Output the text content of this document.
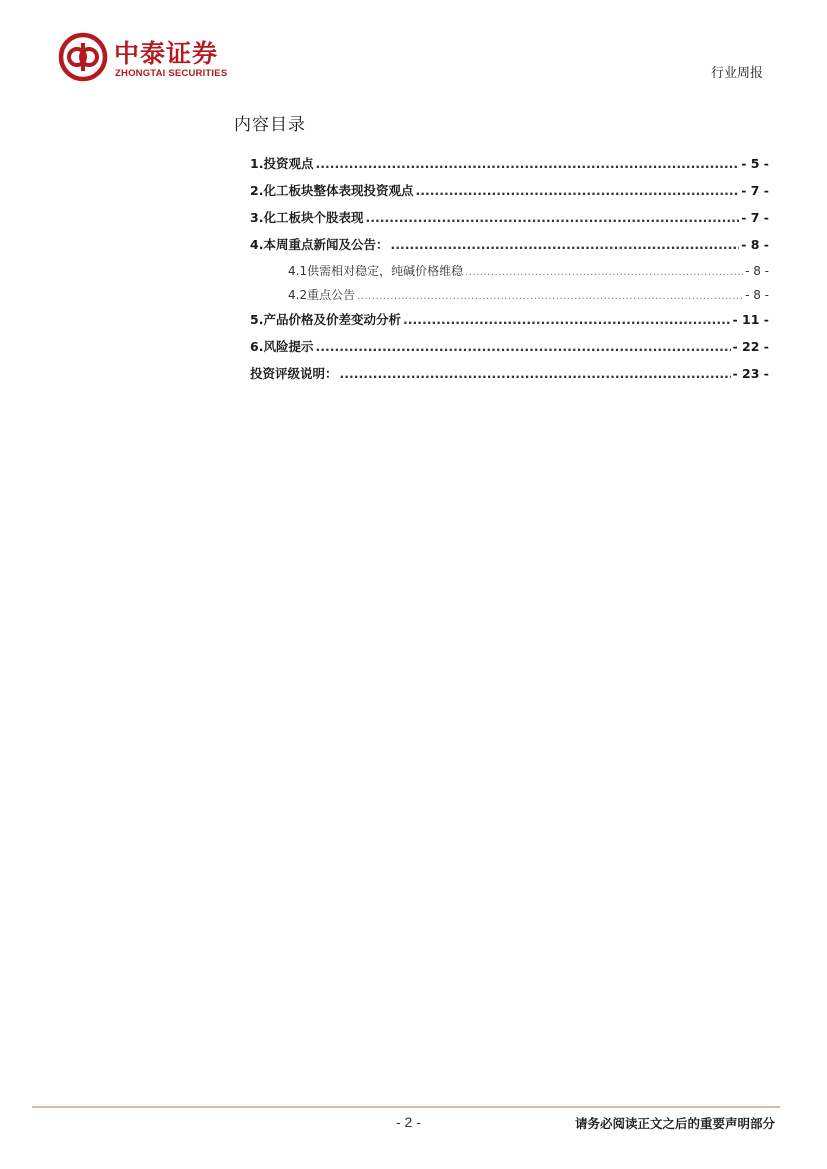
中泰证券
ZHONGTAI SECURITIES	行业周报
内容目录
1. 投资观点 .....	- 5 -
2. 化工板块整体表现投资观点 .....	- 7 -
3. 化工板块个股表现 .....	- 7 -
4. 本周重点新闻及公告： .....	- 8 -
4.1 供需相对稳定，纯碱价格维稳 .....	- 8 -
4.2 重点公告 .....	- 8 -
5. 产品价格及价差变动分析 .....	- 11 -
6. 风险提示 .....	- 22 -
投资评级说明： .....	- 23 -
- 2 -	请务必阅读正文之后的重要声明部分
